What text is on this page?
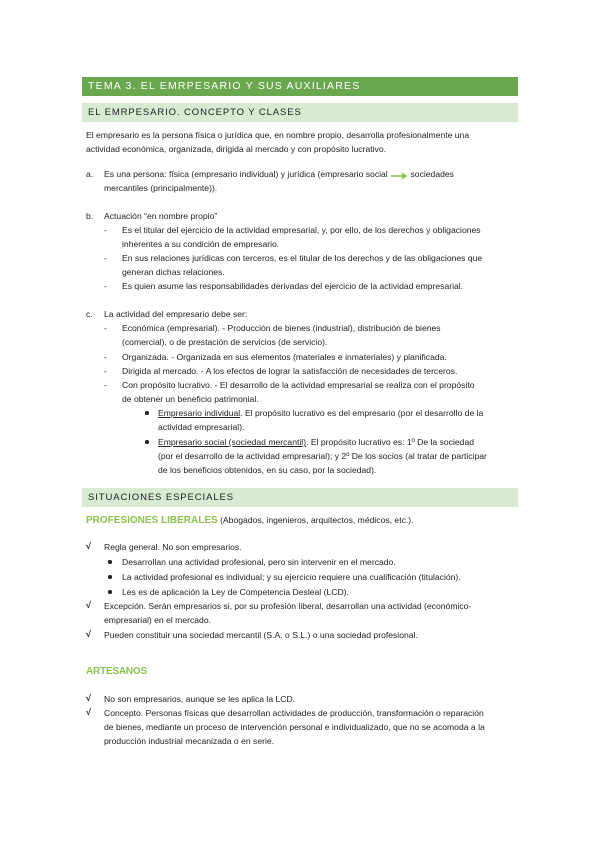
TEMA 3. EL EMRPESARIO Y SUS AUXILIARES
EL EMRPESARIO. CONCEPTO Y CLASES
El empresario es la persona física o jurídica que, en nombre propio, desarrolla profesionalmente una
actividad económica, organizada, dirigida al mercado y con propósito lucrativo.
a. Es una persona: física (empresario individual) y jurídica (empresario social	sociedades
mercantiles (principalmente)).
b. Actuación “en nombre propio”
- Es el titular del ejercicio de la actividad empresarial, y, por ello, de los derechos y obligaciones
inherentes a su condición de empresario.
- En sus relaciones jurídicas con terceros, es el titular de los derechos y de las obligaciones que
generan dichas relaciones.
- Es quien asume las responsabilidades derivadas del ejercicio de la actividad empresarial.
c. La actividad del empresario debe ser:
- Económica (empresarial). - Producción de bienes (industrial), distribución de bienes
(comercial), o de prestación de servicios (de servicio).
- Organizada. - Organizada en sus elementos (materiales e inmateriales) y planificada.
- Dirigida al mercado. - A los efectos de lograr la satisfacción de necesidades de terceros.
- Con propósito lucrativo. - El desarrollo de la actividad empresarial se realiza con el propósito
de obtener un beneficio patrimonial.
Empresario individual. El propósito lucrativo es del empresario (por el desarrollo de la
actividad empresarial).
Empresario social (sociedad mercantil). El propósito lucrativo es: 1º De la sociedad
(por el desarrollo de la actividad empresarial); y 2º De los socios (al tratar de participar
de los beneficios obtenidos, en su caso, por la sociedad).
SITUACIONES ESPECIALES
PROFESIONES LIBERALES (Abogados, ingenieros, arquitectos, médicos, etc.).
√ Regla general. No son empresarios.
Desarrollan una actividad profesional, pero sin intervenir en el mercado.
La actividad profesional es individual; y su ejercicio requiere una cualificación (titulación).
Les es de aplicación la Ley de Competencia Desleal (LCD).
√ Excepción. Serán empresarios si, por su profesión liberal, desarrollan una actividad (económico-
empresarial) en el mercado.
√ Pueden constituir una sociedad mercantil (S.A. o S.L.) o una sociedad profesional.
ARTESANOS
√ No son empresarios, aunque se les aplica la LCD.
√ Concepto. Personas físicas que desarrollan actividades de producción, transformación o reparación
de bienes, mediante un proceso de intervención personal e individualizado, que no se acomoda a la
producción industrial mecanizada o en serie.
